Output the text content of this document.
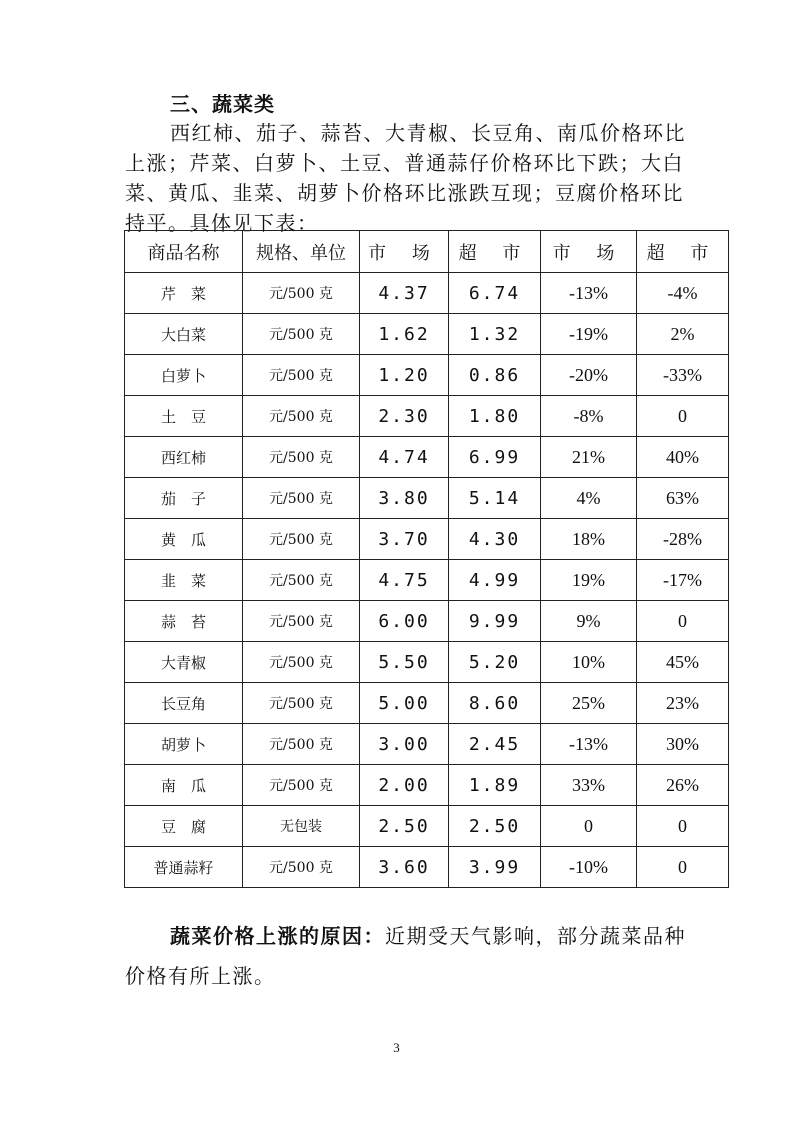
三、蔬菜类

西红柿、茄子、蒜苔、大青椒、长豆角、南瓜价格环比上涨；芹菜、白萝卜、土豆、普通蒜仔价格环比下跌；大白菜、黄瓜、韭菜、胡萝卜价格环比涨跌互现；豆腐价格环比持平。具体见下表：

商品名称	规格、单位	市 场	超 市	市 场	超 市
芹　菜	元/500 克	4.37	6.74	-13%	-4%
大白菜	元/500 克	1.62	1.32	-19%	2%
白萝卜	元/500 克	1.20	0.86	-20%	-33%
土　豆	元/500 克	2.30	1.80	-8%	0
西红柿	元/500 克	4.74	6.99	21%	40%
茄　子	元/500 克	3.80	5.14	4%	63%
黄　瓜	元/500 克	3.70	4.30	18%	-28%
韭　菜	元/500 克	4.75	4.99	19%	-17%
蒜　苔	元/500 克	6.00	9.99	9%	0
大青椒	元/500 克	5.50	5.20	10%	45%
长豆角	元/500 克	5.00	8.60	25%	23%
胡萝卜	元/500 克	3.00	2.45	-13%	30%
南　瓜	元/500 克	2.00	1.89	33%	26%
豆　腐	无包装	2.50	2.50	0	0
普通蒜籽	元/500 克	3.60	3.99	-10%	0

蔬菜价格上涨的原因：近期受天气影响，部分蔬菜品种价格有所上涨。

3
